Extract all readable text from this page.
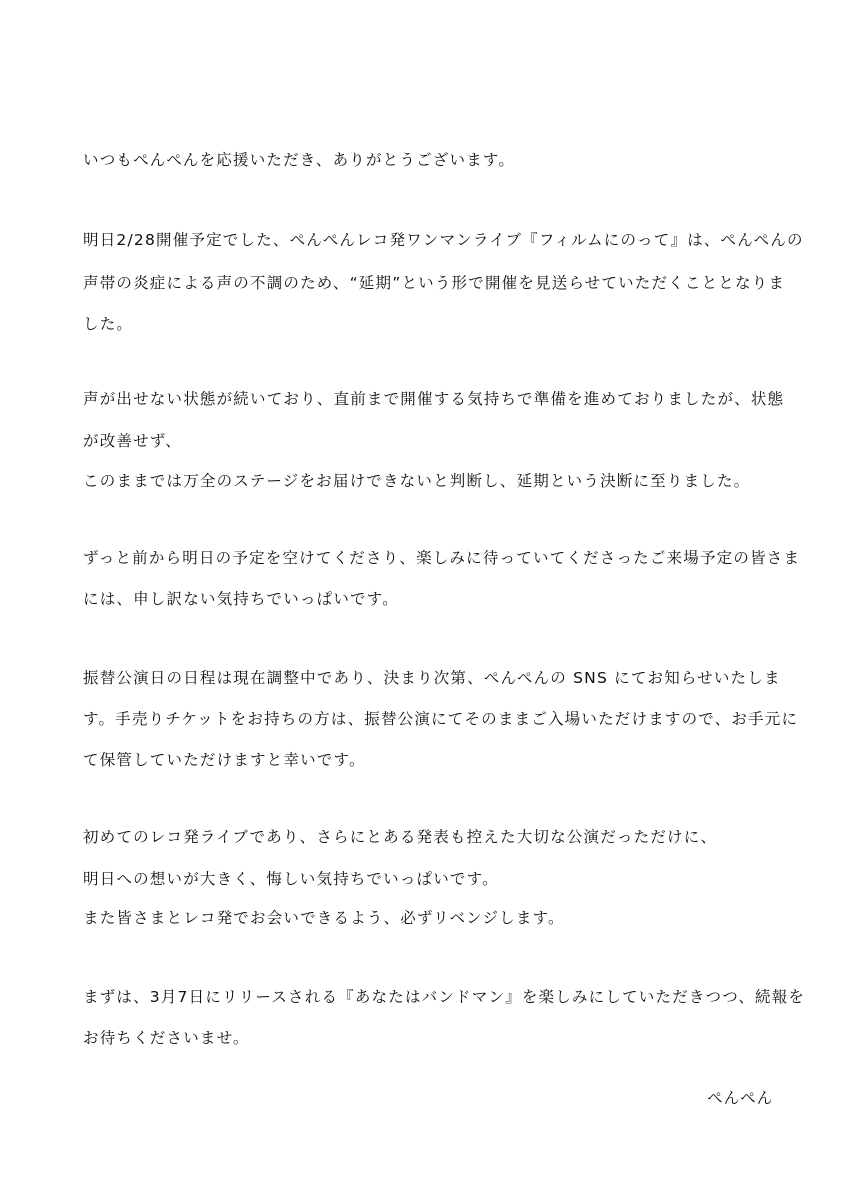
いつもぺんぺんを応援いただき、ありがとうございます。
明日2/28開催予定でした、ぺんぺんレコ発ワンマンライブ『フィルムにのって』は、ぺんぺんの
声帯の炎症による声の不調のため、“延期”という形で開催を見送らせていただくこととなりま
した。
声が出せない状態が続いており、直前まで開催する気持ちで準備を進めておりましたが、状態
が改善せず、
このままでは万全のステージをお届けできないと判断し、延期という決断に至りました。
ずっと前から明日の予定を空けてくださり、楽しみに待っていてくださったご来場予定の皆さま
には、申し訳ない気持ちでいっぱいです。
振替公演日の日程は現在調整中であり、決まり次第、ぺんぺんの SNS にてお知らせいたしま
す。手売りチケットをお持ちの方は、振替公演にてそのままご入場いただけますので、お手元に
て保管していただけますと幸いです。
初めてのレコ発ライブであり、さらにとある発表も控えた大切な公演だっただけに、
明日への想いが大きく、悔しい気持ちでいっぱいです。
また皆さまとレコ発でお会いできるよう、必ずリベンジします。
まずは、3月7日にリリースされる『あなたはバンドマン』を楽しみにしていただきつつ、続報を
お待ちくださいませ。
ぺんぺん
